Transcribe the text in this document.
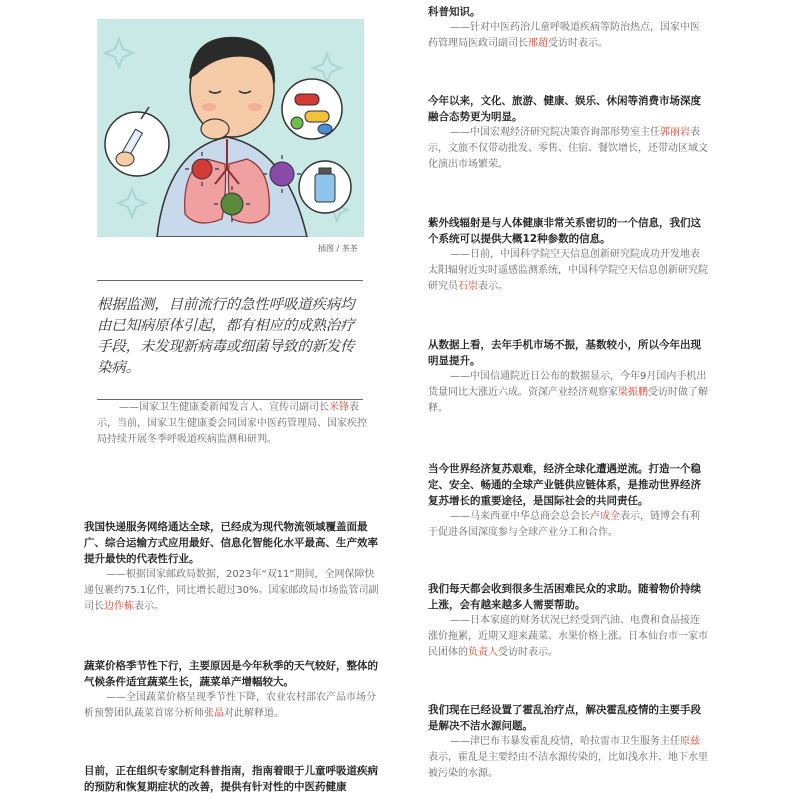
插图 / 茶茶

根据监测，目前流行的急性呼吸道疾病均由已知病原体引起，都有相应的成熟治疗手段，未发现新病毒或细菌导致的新发传染病。

——国家卫生健康委新闻发言人、宣传司副司长米锋表示，当前，国家卫生健康委会同国家中医药管理局、国家疾控局持续开展冬季呼吸道疾病监测和研判。

我国快递服务网络通达全球，已经成为现代物流领域覆盖面最广、综合运输方式应用最好、信息化智能化水平最高、生产效率提升最快的代表性行业。

——根据国家邮政局数据，2023年“双11”期间，全网保障快递包裹约75.1亿件，同比增长超过30%。国家邮政局市场监管司副司长边作栋表示。

蔬菜价格季节性下行，主要原因是今年秋季的天气较好，整体的气候条件适宜蔬菜生长，蔬菜单产增幅较大。

——全国蔬菜价格呈现季节性下降，农业农村部农产品市场分析预警团队蔬菜首席分析师张晶对此解释道。

目前，正在组织专家制定科普指南，指南着眼于儿童呼吸道疾病的预防和恢复期症状的改善，提供有针对性的中医药健康
科普知识。

——针对中医药治儿童呼吸道疾病等防治热点，国家中医药管理局医政司副司长邢超受访时表示。

今年以来，文化、旅游、健康、娱乐、休闲等消费市场深度融合态势更为明显。

——中国宏观经济研究院决策咨询部形势室主任郭丽岩表示，文旅不仅带动批发、零售、住宿、餐饮增长，还带动区域文化演出市场繁荣。

紫外线辐射是与人体健康非常关系密切的一个信息，我们这个系统可以提供大概12种参数的信息。

——日前，中国科学院空天信息创新研究院成功开发地表太阳辐射近实时遥感监测系统，中国科学院空天信息创新研究院研究员石崇表示。

从数据上看，去年手机市场不振，基数较小，所以今年出现明显提升。

——中国信通院近日公布的数据显示，今年9月国内手机出货量同比大涨近六成。资深产业经济观察家梁振鹏受访时做了解释。

当今世界经济复苏艰难，经济全球化遭遇逆流。打造一个稳定、安全、畅通的全球产业链供应链体系，是推动世界经济复苏增长的重要途径，是国际社会的共同责任。

——马来西亚中华总商会总会长卢成全表示，链博会有利于促进各国深度参与全球产业分工和合作。

我们每天都会收到很多生活困难民众的求助。随着物价持续上涨，会有越来越多人需要帮助。

——日本家庭的财务状况已经受到汽油、电费和食品接连涨价拖累，近期又迎来蔬菜、水果价格上涨。日本仙台市一家市民团体的负责人受访时表示。

我们现在已经设置了霍乱治疗点，解决霍乱疫情的主要手段是解决不洁水源问题。

——津巴布韦暴发霍乱疫情，哈拉雷市卫生服务主任原兹表示，霍乱是主要经由不洁水源传染的，比如浅水井、地下水里被污染的水源。
